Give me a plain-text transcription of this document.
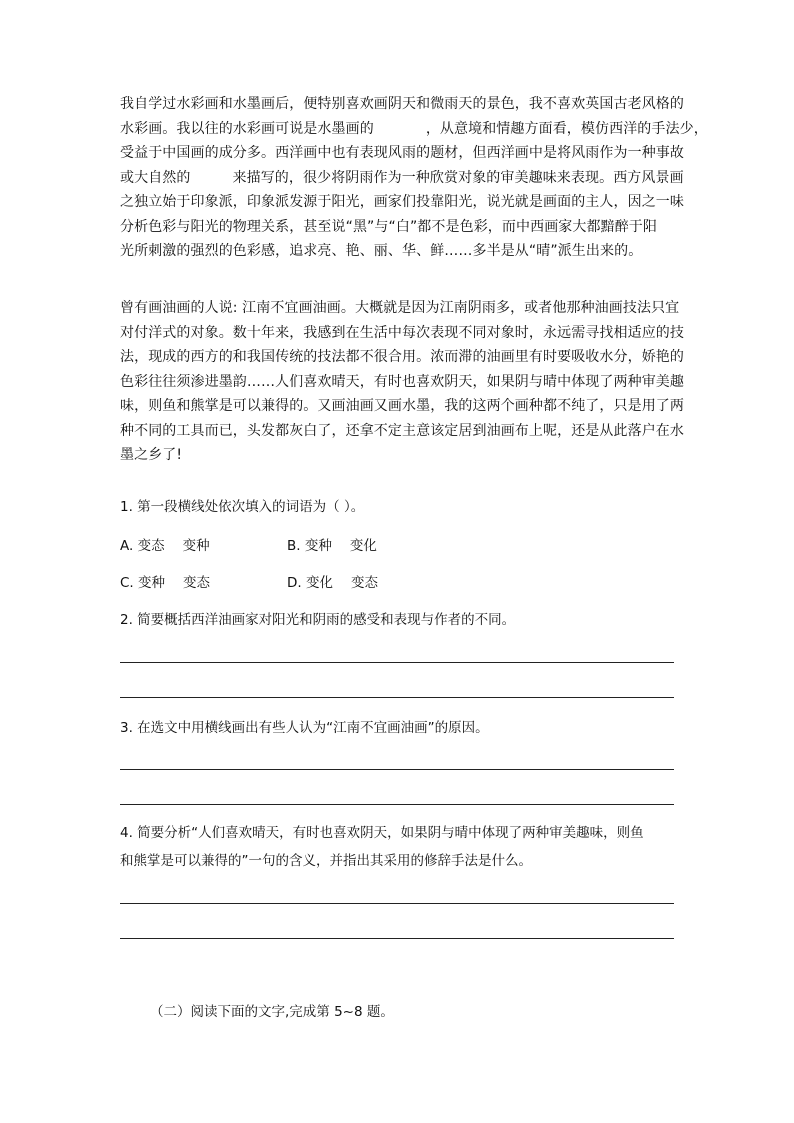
我自学过水彩画和水墨画后，便特别喜欢画阴天和微雨天的景色，我不喜欢英国古老风格的
水彩画。我以往的水彩画可说是水墨画的	，从意境和情趣方面看，模仿西洋的手法少，
受益于中国画的成分多。西洋画中也有表现风雨的题材，但西洋画中是将风雨作为一种事故
或大自然的	来描写的，很少将阴雨作为一种欣赏对象的审美趣味来表现。西方风景画
之独立始于印象派，印象派发源于阳光，画家们投靠阳光，说光就是画面的主人，因之一味
分析色彩与阳光的物理关系，甚至说“黑”与“白”都不是色彩，而中西画家大都黯醉于阳
光所刺激的强烈的色彩感，追求亮、艳、丽、华、鲜……多半是从“晴”派生出来的。
曾有画油画的人说: 江南不宜画油画。大概就是因为江南阴雨多，或者他那种油画技法只宜
对付洋式的对象。数十年来，我感到在生活中每次表现不同对象时，永远需寻找相适应的技
法，现成的西方的和我国传统的技法都不很合用。浓而滞的油画里有时要吸收水分，娇艳的
色彩往往须渗进墨韵……人们喜欢晴天，有时也喜欢阴天，如果阴与晴中体现了两种审美趣
味，则鱼和熊掌是可以兼得的。又画油画又画水墨，我的这两个画种都不纯了，只是用了两
种不同的工具而已，头发都灰白了，还拿不定主意该定居到油画布上呢，还是从此落户在水
墨之乡了!

1. 第一段横线处依次填入的词语为（ ）。

A. 变态 变种	B. 变种 变化
C. 变种 变态	D. 变化 变态

2. 简要概括西洋油画家对阳光和阴雨的感受和表现与作者的不同。

3. 在选文中用横线画出有些人认为“江南不宜画油画”的原因。

4. 简要分析“人们喜欢晴天，有时也喜欢阴天，如果阴与晴中体现了两种审美趣味，则鱼

和熊掌是可以兼得的”一句的含义，并指出其采用的修辞手法是什么。

（二）阅读下面的文字,完成第 5~8 题。
